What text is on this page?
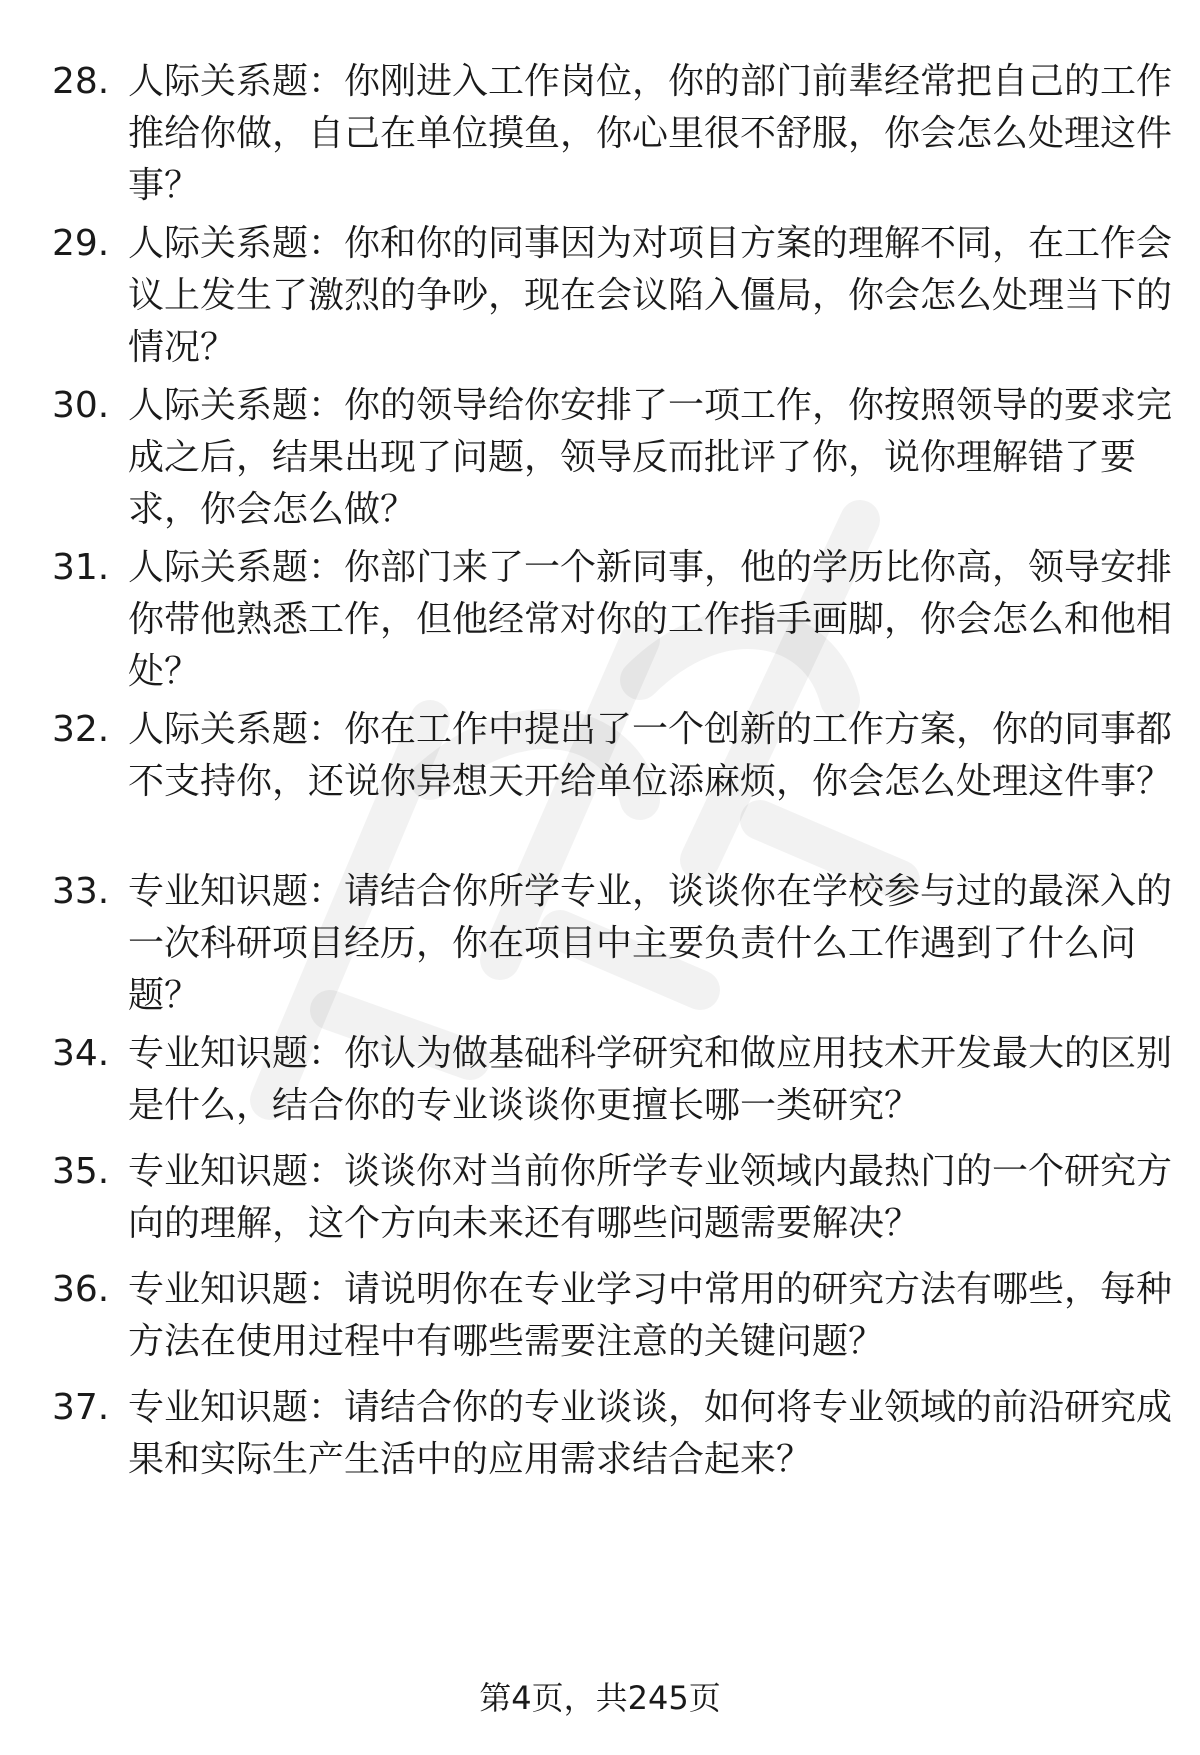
28. 人际关系题：你刚进入工作岗位，你的部门前辈经常把自己的工作推给你做，自己在单位摸鱼，你心里很不舒服，你会怎么处理这件事？
29. 人际关系题：你和你的同事因为对项目方案的理解不同，在工作会议上发生了激烈的争吵，现在会议陷入僵局，你会怎么处理当下的情况？
30. 人际关系题：你的领导给你安排了一项工作，你按照领导的要求完成之后，结果出现了问题，领导反而批评了你，说你理解错了要求，你会怎么做？
31. 人际关系题：你部门来了一个新同事，他的学历比你高，领导安排你带他熟悉工作，但他经常对你的工作指手画脚，你会怎么和他相处？
32. 人际关系题：你在工作中提出了一个创新的工作方案，你的同事都不支持你，还说你异想天开给单位添麻烦，你会怎么处理这件事？
33. 专业知识题：请结合你所学专业，谈谈你在学校参与过的最深入的一次科研项目经历，你在项目中主要负责什么工作遇到了什么问题？
34. 专业知识题：你认为做基础科学研究和做应用技术开发最大的区别是什么，结合你的专业谈谈你更擅长哪一类研究？
35. 专业知识题：谈谈你对当前你所学专业领域内最热门的一个研究方向的理解，这个方向未来还有哪些问题需要解决？
36. 专业知识题：请说明你在专业学习中常用的研究方法有哪些，每种方法在使用过程中有哪些需要注意的关键问题？
37. 专业知识题：请结合你的专业谈谈，如何将专业领域的前沿研究成果和实际生产生活中的应用需求结合起来？
第4页，共245页
